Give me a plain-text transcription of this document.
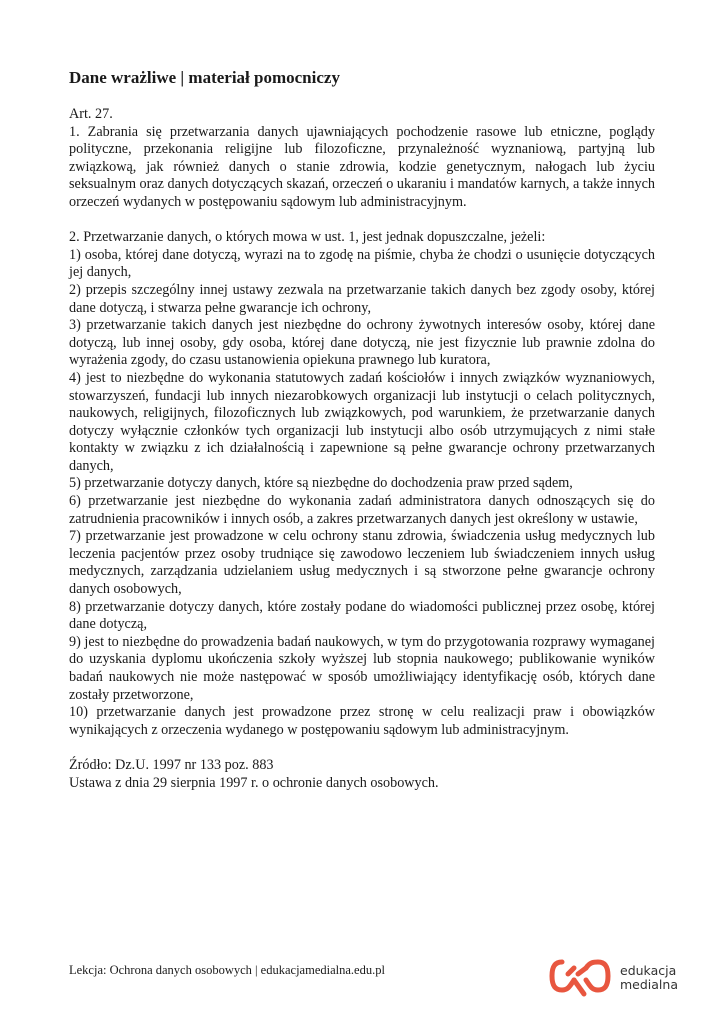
Dane wrażliwe | materiał pomocniczy

Art. 27.

1. Zabrania się przetwarzania danych ujawniających pochodzenie rasowe lub etniczne, poglądy polityczne, przekonania religijne lub filozoficzne, przynależność wyznaniową, partyjną lub związkową, jak również danych o stanie zdrowia, kodzie genetycznym, nałogach lub życiu seksualnym oraz danych dotyczących skazań, orzeczeń o ukaraniu i mandatów karnych, a także innych orzeczeń wydanych w postępowaniu sądowym lub administracyjnym.

2. Przetwarzanie danych, o których mowa w ust. 1, jest jednak dopuszczalne, jeżeli:

1) osoba, której dane dotyczą, wyrazi na to zgodę na piśmie, chyba że chodzi o usunięcie dotyczących jej danych,

2) przepis szczególny innej ustawy zezwala na przetwarzanie takich danych bez zgody osoby, której dane dotyczą, i stwarza pełne gwarancje ich ochrony,

3) przetwarzanie takich danych jest niezbędne do ochrony żywotnych interesów osoby, której dane dotyczą, lub innej osoby, gdy osoba, której dane dotyczą, nie jest fizycznie lub prawnie zdolna do wyrażenia zgody, do czasu ustanowienia opiekuna prawnego lub kuratora,

4) jest to niezbędne do wykonania statutowych zadań kościołów i innych związków wyznaniowych, stowarzyszeń, fundacji lub innych niezarobkowych organizacji lub instytucji o celach politycznych, naukowych, religijnych, filozoficznych lub związkowych, pod warunkiem, że przetwarzanie danych dotyczy wyłącznie członków tych organizacji lub instytucji albo osób utrzymujących z nimi stałe kontakty w związku z ich działalnością i zapewnione są pełne gwarancje ochrony przetwarzanych danych,

5) przetwarzanie dotyczy danych, które są niezbędne do dochodzenia praw przed sądem,

6) przetwarzanie jest niezbędne do wykonania zadań administratora danych odnoszących się do zatrudnienia pracowników i innych osób, a zakres przetwarzanych danych jest określony w ustawie,

7) przetwarzanie jest prowadzone w celu ochrony stanu zdrowia, świadczenia usług medycznych lub leczenia pacjentów przez osoby trudniące się zawodowo leczeniem lub świadczeniem innych usług medycznych, zarządzania udzielaniem usług medycznych i są stworzone pełne gwarancje ochrony danych osobowych,

8) przetwarzanie dotyczy danych, które zostały podane do wiadomości publicznej przez osobę, której dane dotyczą,

9) jest to niezbędne do prowadzenia badań naukowych, w tym do przygotowania rozprawy wymaganej do uzyskania dyplomu ukończenia szkoły wyższej lub stopnia naukowego; publikowanie wyników badań naukowych nie może następować w sposób umożliwiający identyfikację osób, których dane zostały przetworzone,

10) przetwarzanie danych jest prowadzone przez stronę w celu realizacji praw i obowiązków wynikających z orzeczenia wydanego w postępowaniu sądowym lub administracyjnym.

Źródło: Dz.U. 1997 nr 133 poz. 883

Ustawa z dnia 29 sierpnia 1997 r. o ochronie danych osobowych.

Lekcja: Ochrona danych osobowych | edukacjamedialna.edu.pl	edukacja
medialna
